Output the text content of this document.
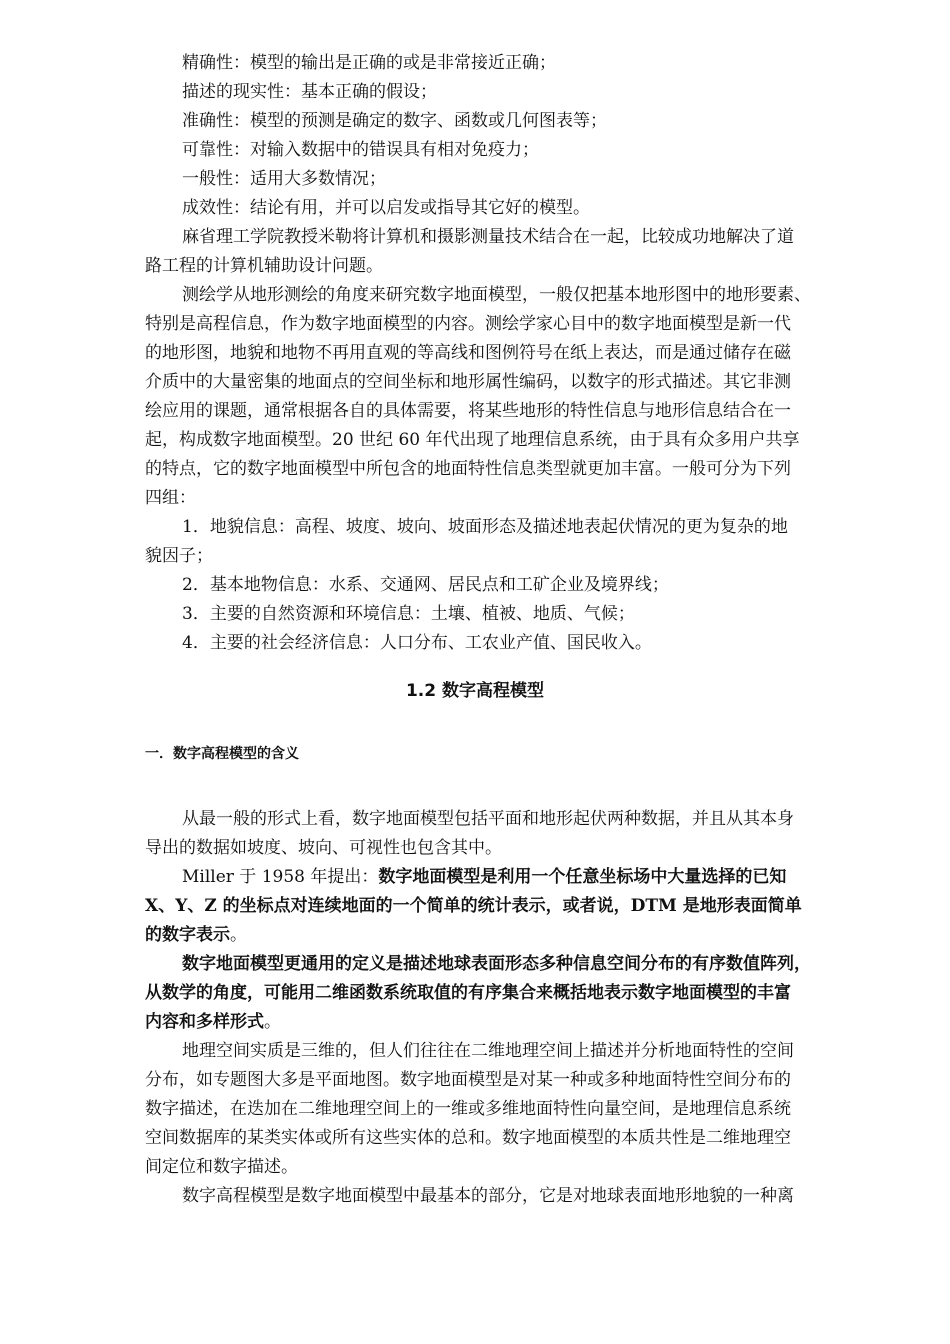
精确性：模型的输出是正确的或是非常接近正确；
描述的现实性：基本正确的假设；
准确性：模型的预测是确定的数字、函数或几何图表等；
可靠性：对输入数据中的错误具有相对免疫力；
一般性：适用大多数情况；
成效性：结论有用，并可以启发或指导其它好的模型。
麻省理工学院教授米勒将计算机和摄影测量技术结合在一起，比较成功地解决了道
路工程的计算机辅助设计问题。
测绘学从地形测绘的角度来研究数字地面模型，一般仅把基本地形图中的地形要素、
特别是高程信息，作为数字地面模型的内容。测绘学家心目中的数字地面模型是新一代
的地形图，地貌和地物不再用直观的等高线和图例符号在纸上表达，而是通过储存在磁
介质中的大量密集的地面点的空间坐标和地形属性编码，以数字的形式描述。其它非测
绘应用的课题，通常根据各自的具体需要，将某些地形的特性信息与地形信息结合在一
起，构成数字地面模型。20 世纪 60 年代出现了地理信息系统，由于具有众多用户共享
的特点，它的数字地面模型中所包含的地面特性信息类型就更加丰富。一般可分为下列
四组：
1．地貌信息：高程、坡度、坡向、坡面形态及描述地表起伏情况的更为复杂的地
貌因子；
2．基本地物信息：水系、交通网、居民点和工矿企业及境界线；
3．主要的自然资源和环境信息：土壤、植被、地质、气候；
4．主要的社会经济信息：人口分布、工农业产值、国民收入。
1.2 数字高程模型
一．数字高程模型的含义
从最一般的形式上看，数字地面模型包括平面和地形起伏两种数据，并且从其本身
导出的数据如坡度、坡向、可视性也包含其中。
Miller 于 1958 年提出：数字地面模型是利用一个任意坐标场中大量选择的已知
X、Y、Z 的坐标点对连续地面的一个简单的统计表示，或者说，DTM 是地形表面简单
的数字表示。
数字地面模型更通用的定义是描述地球表面形态多种信息空间分布的有序数值阵列，
从数学的角度，可能用二维函数系统取值的有序集合来概括地表示数字地面模型的丰富
内容和多样形式。
地理空间实质是三维的，但人们往往在二维地理空间上描述并分析地面特性的空间
分布，如专题图大多是平面地图。数字地面模型是对某一种或多种地面特性空间分布的
数字描述，在迭加在二维地理空间上的一维或多维地面特性向量空间，是地理信息系统
空间数据库的某类实体或所有这些实体的总和。数字地面模型的本质共性是二维地理空
间定位和数字描述。
数字高程模型是数字地面模型中最基本的部分，它是对地球表面地形地貌的一种离
